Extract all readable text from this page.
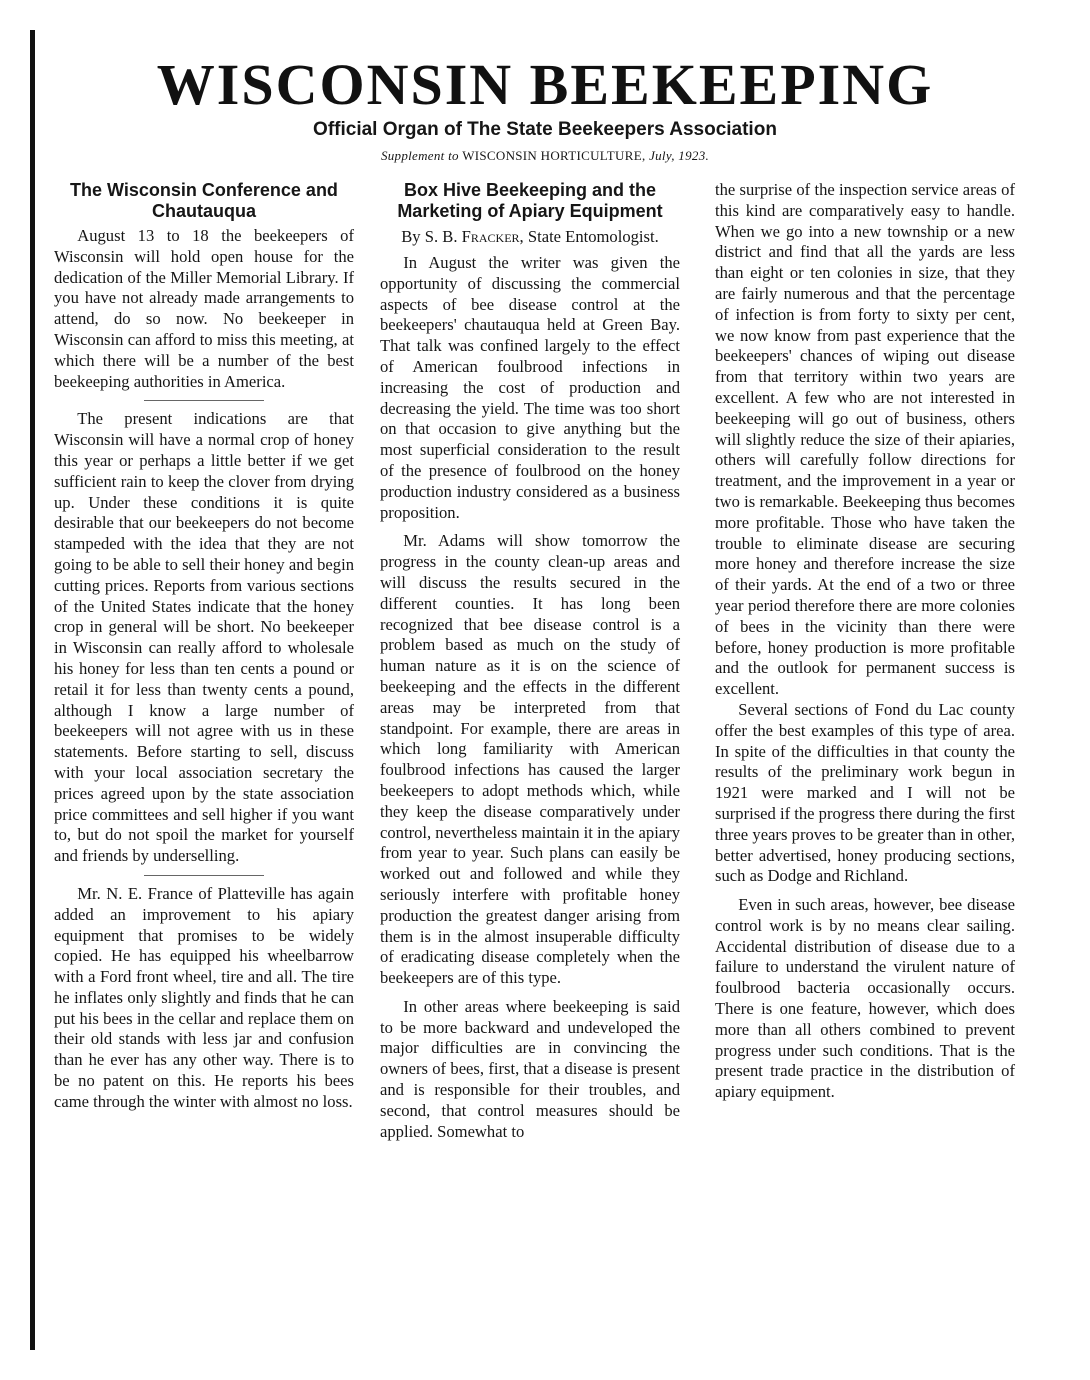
WISCONSIN BEEKEEPING
Official Organ of The State Beekeepers Association
Supplement to WISCONSIN HORTICULTURE, July, 1923.
The Wisconsin Conference and Chautauqua

August 13 to 18 the beekeepers of Wisconsin will hold open house for the dedication of the Miller Memorial Library. If you have not already made arrangements to attend, do so now. No beekeeper in Wisconsin can afford to miss this meeting, at which there will be a number of the best beekeeping authorities in America.

The present indications are that Wisconsin will have a normal crop of honey this year or perhaps a little better if we get sufficient rain to keep the clover from drying up. Under these conditions it is quite desirable that our beekeepers do not become stampeded with the idea that they are not going to be able to sell their honey and begin cutting prices. Reports from various sections of the United States indicate that the honey crop in general will be short. No beekeeper in Wisconsin can really afford to wholesale his honey for less than ten cents a pound or retail it for less than twenty cents a pound, although I know a large number of beekeepers will not agree with us in these statements. Before starting to sell, discuss with your local association secretary the prices agreed upon by the state association price committees and sell higher if you want to, but do not spoil the market for yourself and friends by underselling.

Mr. N. E. France of Platteville has again added an improvement to his apiary equipment that promises to be widely copied. He has equipped his wheelbarrow with a Ford front wheel, tire and all. The tire he inflates only slightly and finds that he can put his bees in the cellar and replace them on their old stands with less jar and confusion than he ever has any other way. There is to be no patent on this. He reports his bees came through the winter with almost no loss.

Box Hive Beekeeping and the Marketing of Apiary Equipment
By S. B. Fracker, State Entomologist.

In August the writer was given the opportunity of discussing the commercial aspects of bee disease control at the beekeepers' chautauqua held at Green Bay. That talk was confined largely to the effect of American foulbrood infections in increasing the cost of production and decreasing the yield. The time was too short on that occasion to give anything but the most superficial consideration to the result of the presence of foulbrood on the honey production industry considered as a business proposition.

Mr. Adams will show tomorrow the progress in the county clean-up areas and will discuss the results secured in the different counties. It has long been recognized that bee disease control is a problem based as much on the study of human nature as it is on the science of beekeeping and the effects in the different areas may be interpreted from that standpoint. For example, there are areas in which long familiarity with American foulbrood infections has caused the larger beekeepers to adopt methods which, while they keep the disease comparatively under control, nevertheless maintain it in the apiary from year to year. Such plans can easily be worked out and followed and while they seriously interfere with profitable honey production the greatest danger arising from them is in the almost insuperable difficulty of eradicating disease completely when the beekeepers are of this type.

In other areas where beekeeping is said to be more backward and undeveloped the major difficulties are in convincing the owners of bees, first, that a disease is present and is responsible for their troubles, and second, that control measures should be applied. Somewhat to

the surprise of the inspection service areas of this kind are comparatively easy to handle. When we go into a new township or a new district and find that all the yards are less than eight or ten colonies in size, that they are fairly numerous and that the percentage of infection is from forty to sixty per cent, we now know from past experience that the beekeepers' chances of wiping out disease from that territory within two years are excellent. A few who are not interested in beekeeping will go out of business, others will slightly reduce the size of their apiaries, others will carefully follow directions for treatment, and the improvement in a year or two is remarkable. Beekeeping thus becomes more profitable. Those who have taken the trouble to eliminate disease are securing more honey and therefore increase the size of their yards. At the end of a two or three year period therefore there are more colonies of bees in the vicinity than there were before, honey production is more profitable and the outlook for permanent success is excellent.

Several sections of Fond du Lac county offer the best examples of this type of area. In spite of the difficulties in that county the results of the preliminary work begun in 1921 were marked and I will not be surprised if the progress there during the first three years proves to be greater than in other, better advertised, honey producing sections, such as Dodge and Richland.

Even in such areas, however, bee disease control work is by no means clear sailing. Accidental distribution of disease due to a failure to understand the virulent nature of foulbrood bacteria occasionally occurs. There is one feature, however, which does more than all others combined to prevent progress under such conditions. That is the present trade practice in the distribution of apiary equipment.
